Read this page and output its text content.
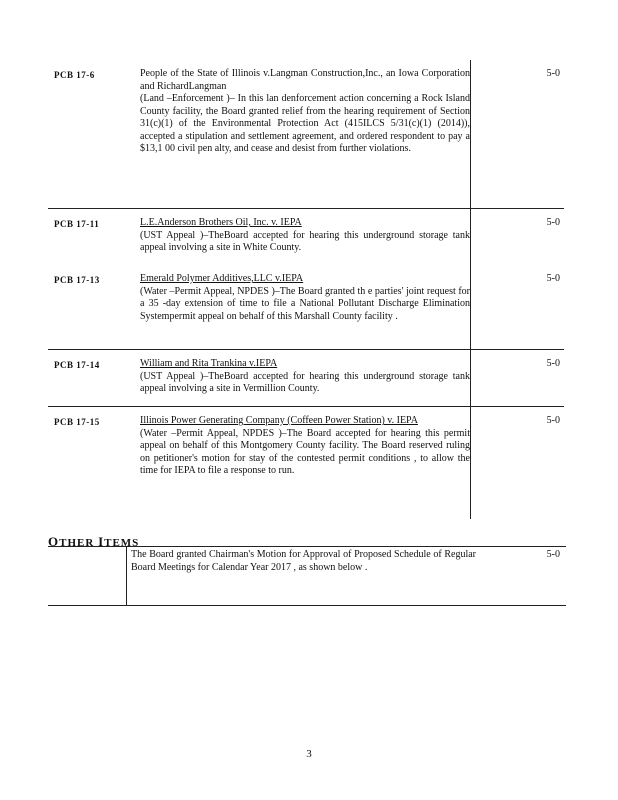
PCB 17-6	People of the State of Illinois v.Langman Construction,Inc., an Iowa Corporation and RichardLangman
(Land –Enforcement )– In this lan denforcement action concerning a Rock Island County facility, the Board granted relief from the hearing requirement of Section 31(c)(1) of the Environmental Protection Act (415ILCS 5/31(c)(1) (2014)), accepted a stipulation and settlement agreement, and ordered respondent to pay a $13,1 00 civil pen alty, and cease and desist from further violations.
5-0
PCB 17-11	L.E.Anderson Brothers Oil, Inc. v. IEPA
(UST Appeal )–TheBoard accepted for hearing this underground storage tank appeal involving a site in White County.
5-0
PCB 17-13	Emerald Polymer Additives,LLC v.IEPA
(Water –Permit Appeal, NPDES )–The Board granted th e parties' joint request for a 35 -day extension of time to file a National Pollutant Discharge Elimination Systempermit appeal on behalf of this Marshall County facility .
5-0
PCB 17-14	William and Rita Trankina v.IEPA
(UST Appeal )–TheBoard accepted for hearing this underground storage tank appeal involving a site in Vermillion County.
5-0
PCB 17-15	Illinois Power Generating Company (Coffeen Power Station) v. IEPA
(Water –Permit Appeal, NPDES )–The Board accepted for hearing this permit appeal on behalf of this Montgomery County facility. The Board reserved ruling on petitioner's motion for stay of the contested permit conditions , to allow the time for IEPA to file a response to run.
5-0
OTHER ITEMS
The Board granted Chairman's Motion for Approval of Proposed Schedule of Regular Board Meetings for Calendar Year 2017 , as shown below .
5-0
3
